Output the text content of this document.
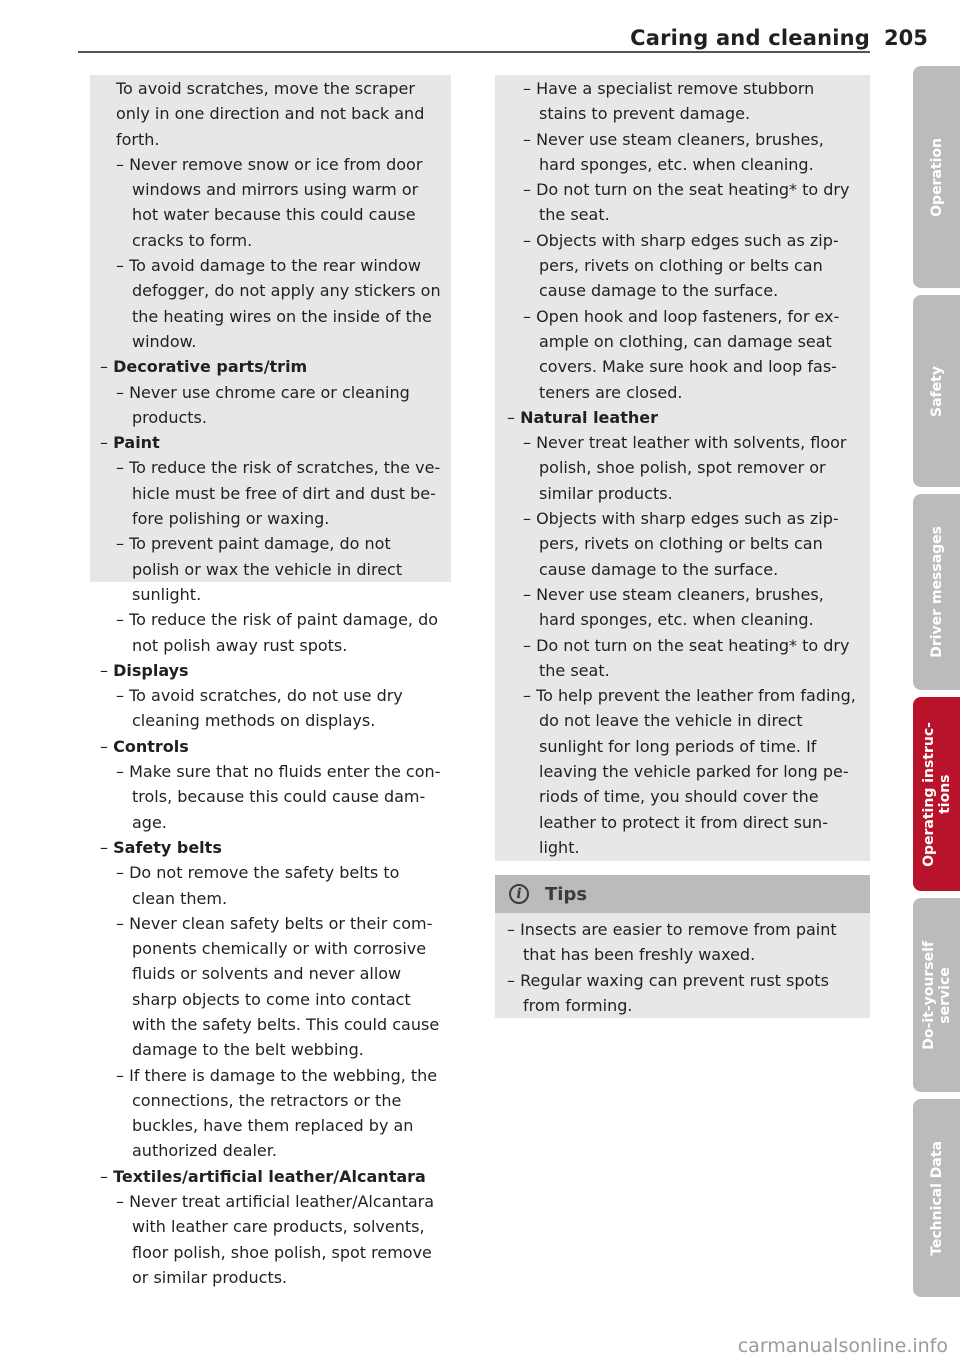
Caring and cleaning 205

To avoid scratches, move the scraper only in one direction and not back and forth.

– Never remove snow or ice from door windows and mirrors using warm or hot water because this could cause cracks to form.

– To avoid damage to the rear window defogger, do not apply any stickers on the heating wires on the inside of the window.

– Decorative parts/trim

– Never use chrome care or cleaning products.

– Paint

– To reduce the risk of scratches, the vehicle must be free of dirt and dust before polishing or waxing.

– To prevent paint damage, do not polish or wax the vehicle in direct sunlight.

– To reduce the risk of paint damage, do not polish away rust spots.

– Displays

– To avoid scratches, do not use dry cleaning methods on displays.

– Controls

– Make sure that no fluids enter the controls, because this could cause damage.

– Safety belts

– Do not remove the safety belts to clean them.

– Never clean safety belts or their components chemically or with corrosive fluids or solvents and never allow sharp objects to come into contact with the safety belts. This could cause damage to the belt webbing.

– If there is damage to the webbing, the connections, the retractors or the buckles, have them replaced by an authorized dealer.

– Textiles/artificial leather/Alcantara

– Never treat artificial leather/Alcantara with leather care products, solvents, floor polish, shoe polish, spot remove or similar products.

– Have a specialist remove stubborn stains to prevent damage.

– Never use steam cleaners, brushes, hard sponges, etc. when cleaning.

– Do not turn on the seat heating* to dry the seat.

– Objects with sharp edges such as zippers, rivets on clothing or belts can cause damage to the surface.

– Open hook and loop fasteners, for example on clothing, can damage seat covers. Make sure hook and loop fasteners are closed.

– Natural leather

– Never treat leather with solvents, floor polish, shoe polish, spot remover or similar products.

– Objects with sharp edges such as zippers, rivets on clothing or belts can cause damage to the surface.

– Never use steam cleaners, brushes, hard sponges, etc. when cleaning.

– Do not turn on the seat heating* to dry the seat.

– To help prevent the leather from fading, do not leave the vehicle in direct sunlight for long periods of time. If leaving the vehicle parked for long periods of time, you should cover the leather to protect it from direct sunlight.

i	Tips

– Insects are easier to remove from paint that has been freshly waxed.

– Regular waxing can prevent rust spots from forming.

Operation
Safety
Driver messages
Operating instruc-
tions
Do-it-yourself
service
Technical Data
carmanualsonline.info
